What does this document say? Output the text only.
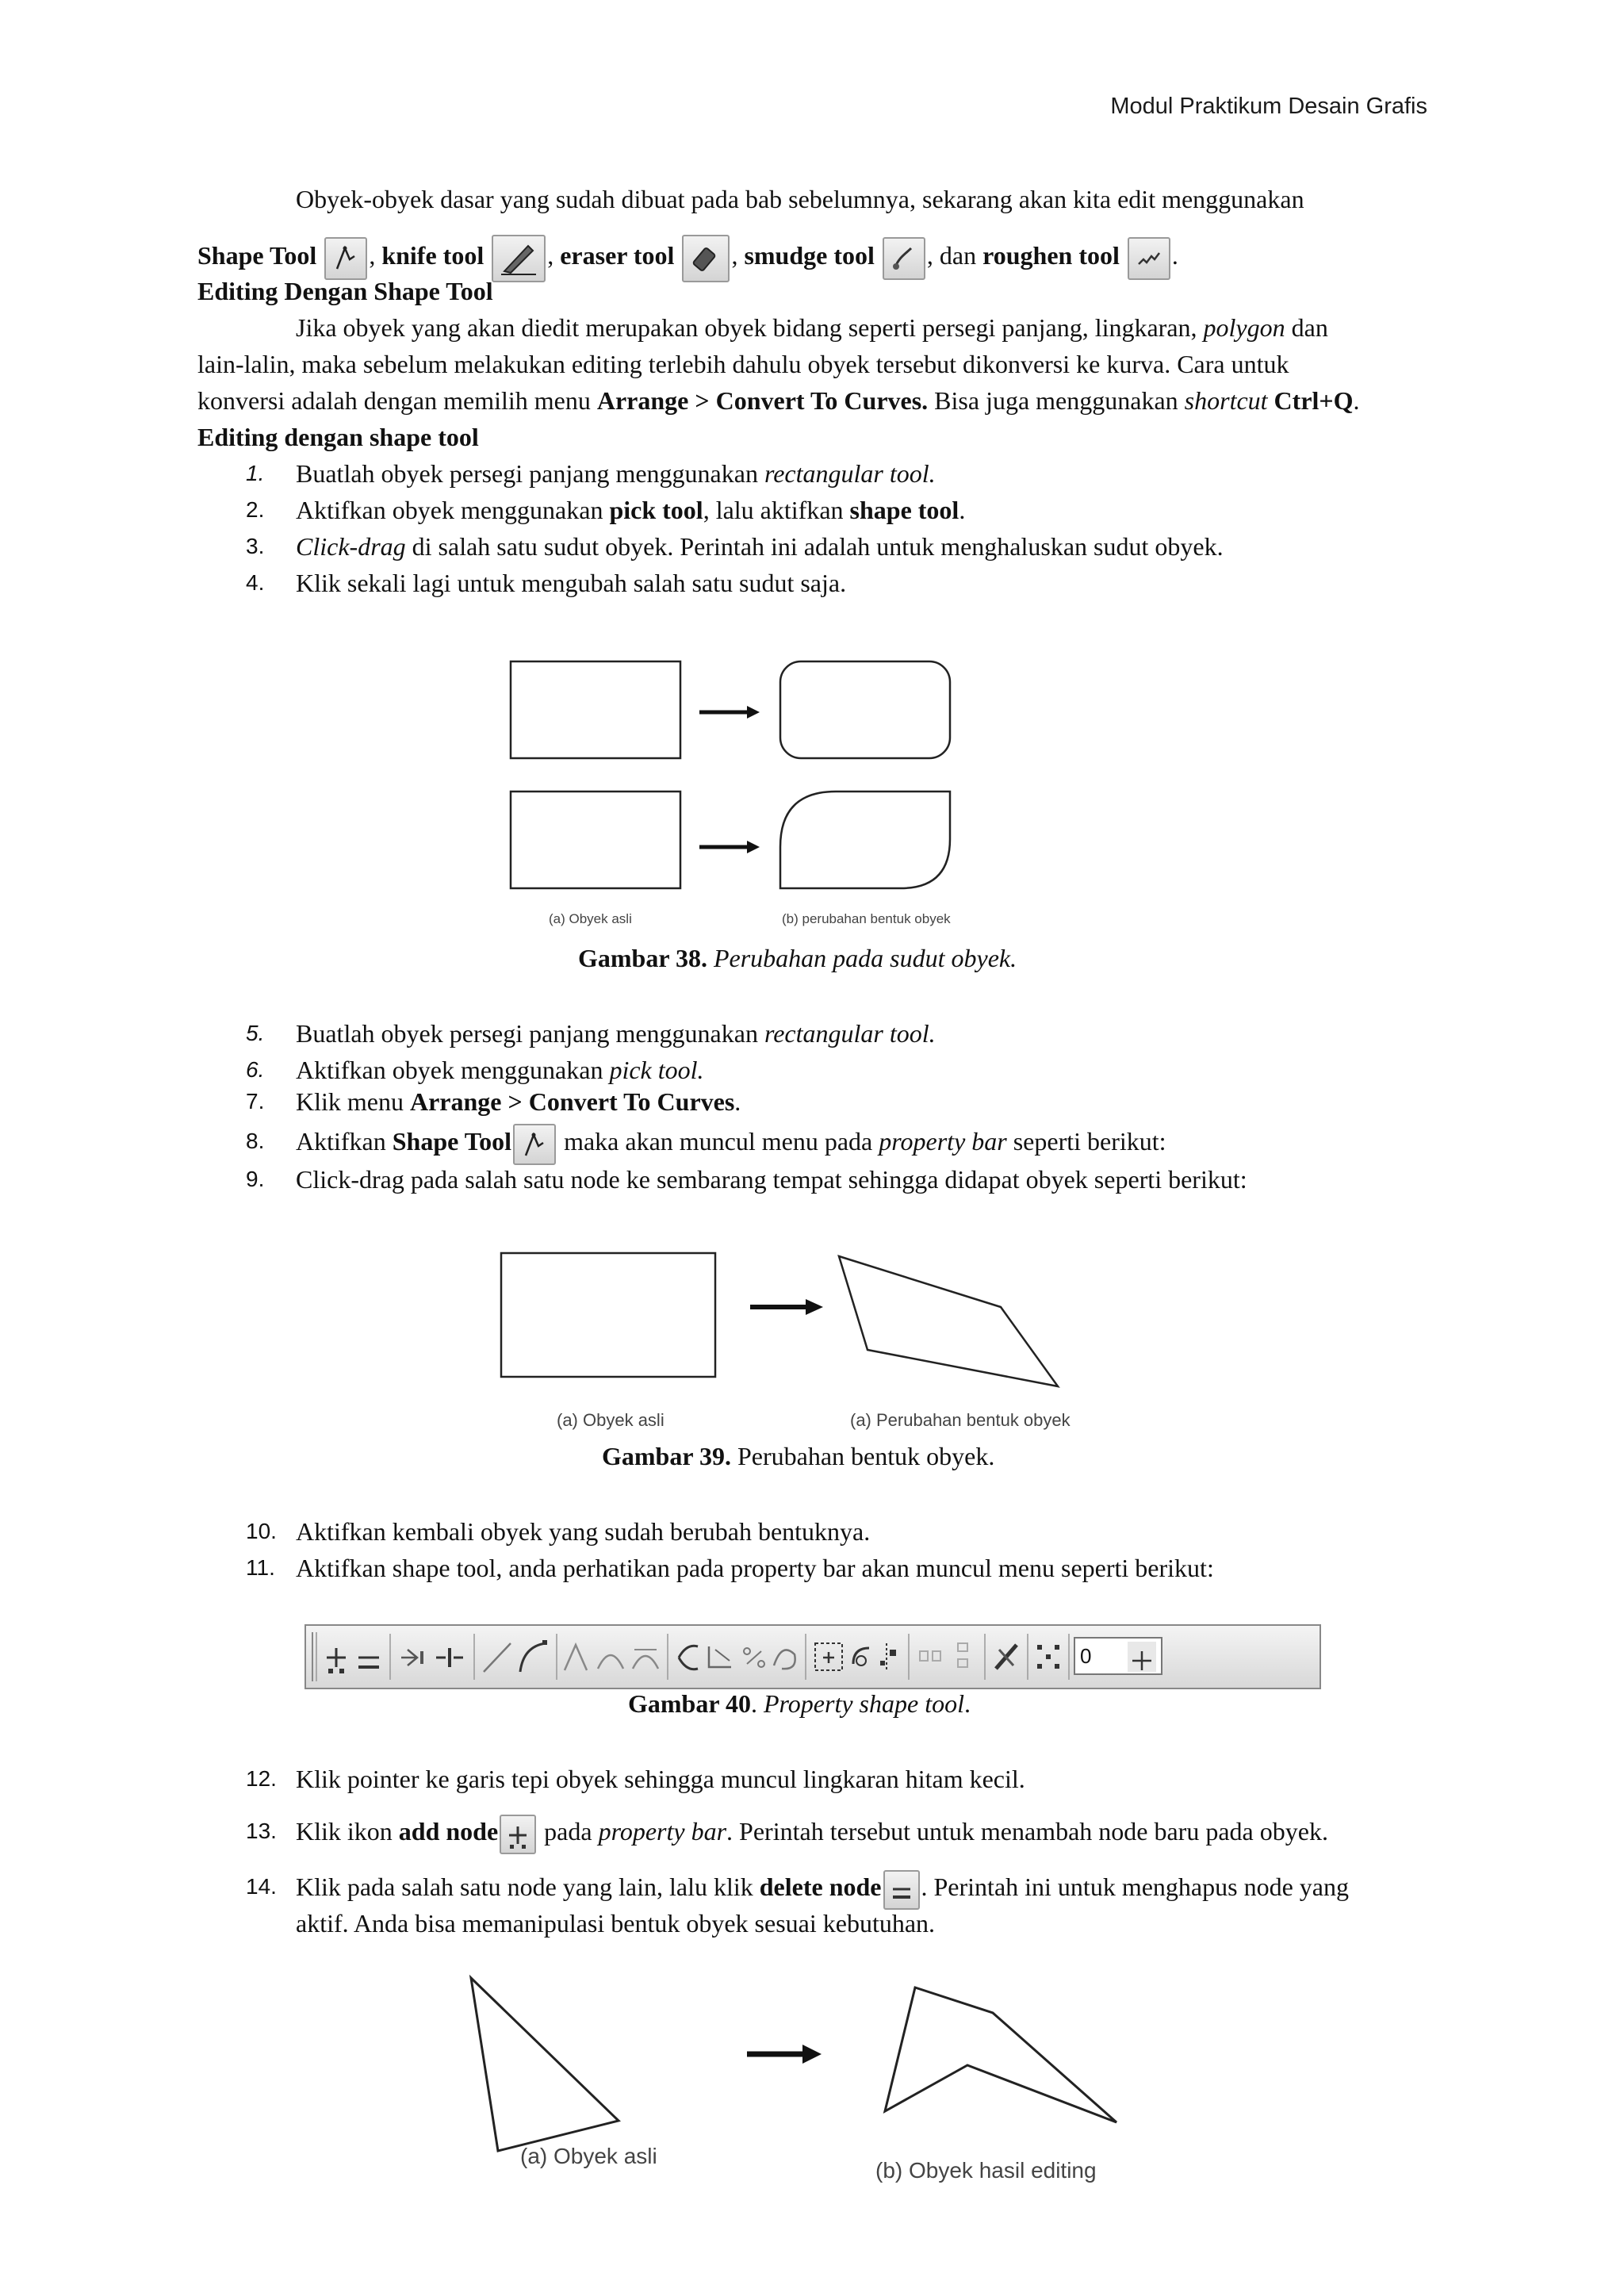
Modul Praktikum Desain Grafis
Obyek-obyek dasar yang sudah dibuat pada bab sebelumnya, sekarang akan kita edit menggunakan
Shape Tool , knife tool	, eraser tool , smudge tool , dan roughen tool .
Editing Dengan Shape Tool
Jika obyek yang akan diedit merupakan obyek bidang seperti persegi panjang, lingkaran, polygon dan
lain-lalin, maka sebelum melakukan editing terlebih dahulu obyek tersebut dikonversi ke kurva. Cara untuk
konversi adalah dengan memilih menu Arrange > Convert To Curves. Bisa juga menggunakan shortcut Ctrl+Q.
Editing dengan shape tool
1. Buatlah obyek persegi panjang menggunakan rectangular tool.
2. Aktifkan obyek menggunakan pick tool, lalu aktifkan shape tool.
3. Click-drag di salah satu sudut obyek. Perintah ini adalah untuk menghaluskan sudut obyek.
4. Klik sekali lagi untuk mengubah salah satu sudut saja.
(a) Obyek asli	(b) perubahan bentuk obyek
Gambar 38. Perubahan pada sudut obyek.
5. Buatlah obyek persegi panjang menggunakan rectangular tool.
6. Aktifkan obyek menggunakan pick tool.
7. Klik menu Arrange > Convert To Curves.
8. Aktifkan Shape Tool
maka akan muncul menu pada property bar seperti berikut:
9. Click-drag pada salah satu node ke sembarang tempat sehingga didapat obyek seperti berikut:
(a) Obyek asli	(a) Perubahan bentuk obyek
Gambar 39. Perubahan bentuk obyek.
10. Aktifkan kembali obyek yang sudah berubah bentuknya.
11. Aktifkan shape tool, anda perhatikan pada property bar akan muncul menu seperti berikut:
0
Gambar 40. Property shape tool.
12. Klik pointer ke garis tepi obyek sehingga muncul lingkaran hitam kecil.
13. Klik ikon add node
pada property bar. Perintah tersebut untuk menambah node baru pada obyek.
14. Klik pada salah satu node yang lain, lalu klik delete node . Perintah ini untuk menghapus node yang
aktif. Anda bisa memanipulasi bentuk obyek sesuai kebutuhan.
(a) Obyek asli
(b) Obyek hasil editing
